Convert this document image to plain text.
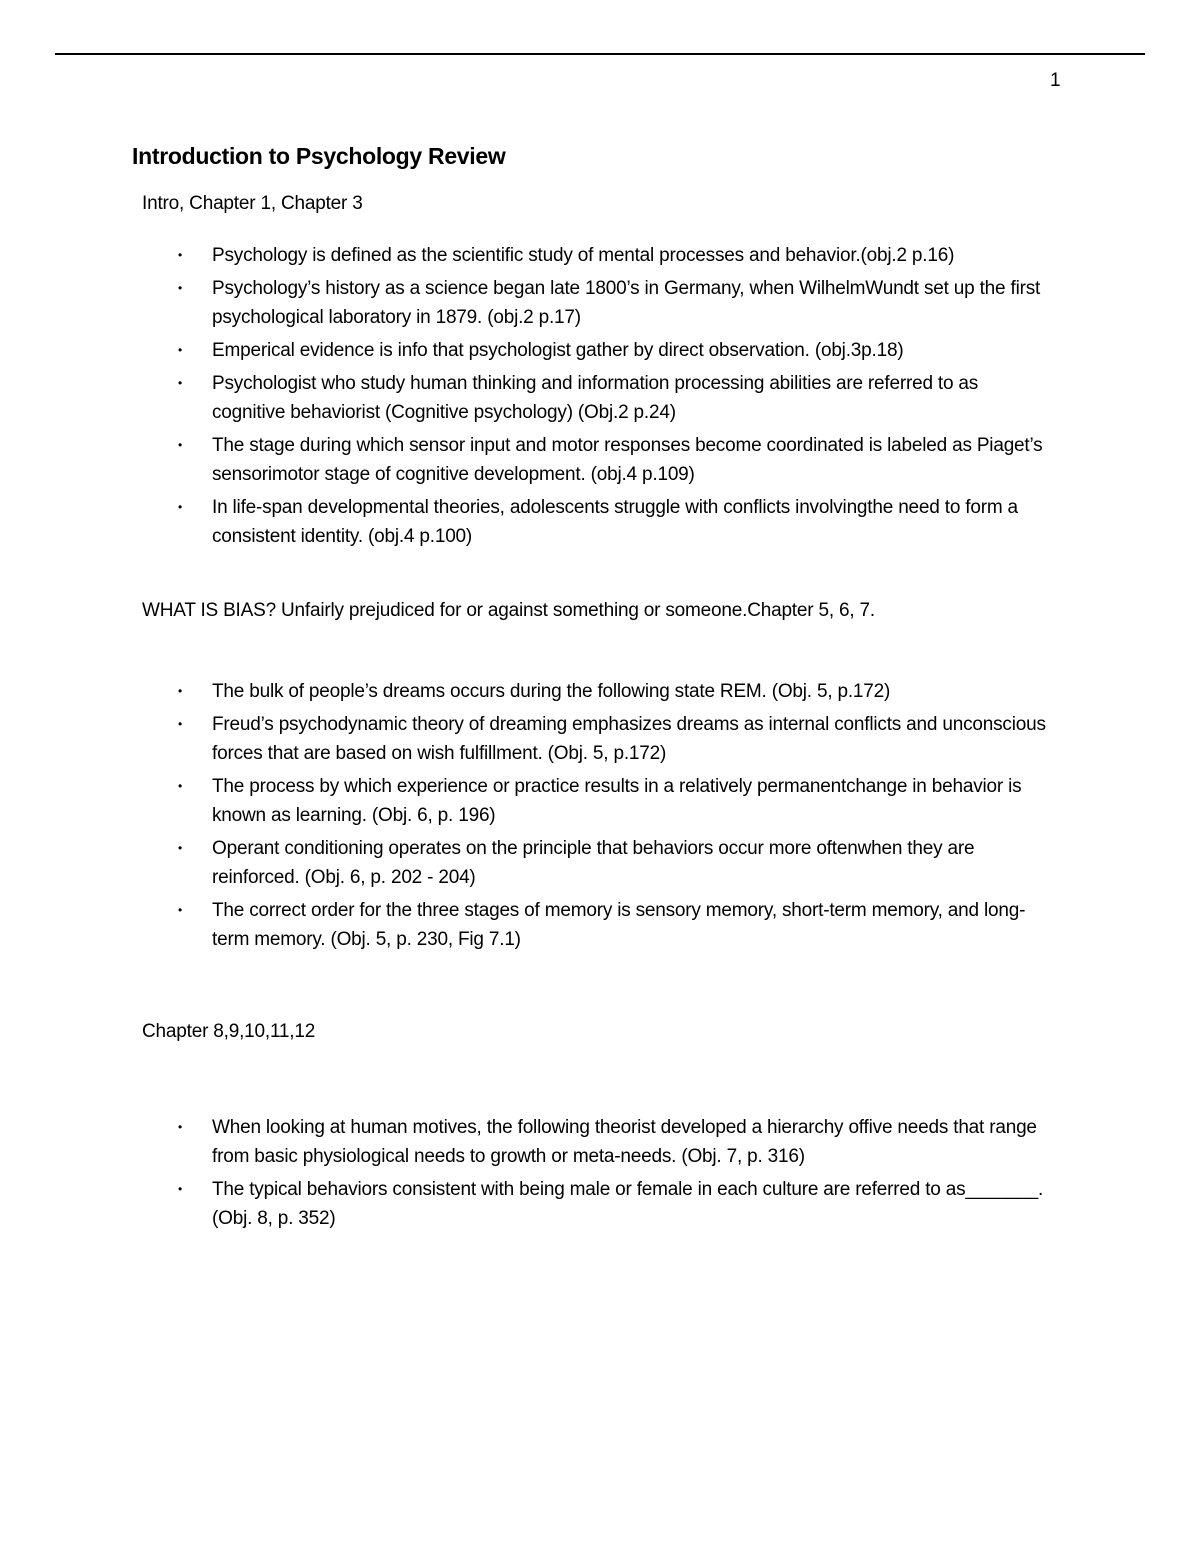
1
Introduction to Psychology Review
Intro, Chapter 1, Chapter 3
• Psychology is defined as the scientific study of mental processes and behavior.(obj.2 p.16)
• Psychology’s history as a science began late 1800’s in Germany, when WilhelmWundt set up the first psychological laboratory in 1879. (obj.2 p.17)
• Emperical evidence is info that psychologist gather by direct observation. (obj.3p.18)
• Psychologist who study human thinking and information processing abilities are referred to as cognitive behaviorist (Cognitive psychology) (Obj.2 p.24)
• The stage during which sensor input and motor responses become coordinated is labeled as Piaget’s sensorimotor stage of cognitive development. (obj.4 p.109)
• In life-span developmental theories, adolescents struggle with conflicts involvingthe need to form a consistent identity. (obj.4 p.100)
WHAT IS BIAS? Unfairly prejudiced for or against something or someone.Chapter 5, 6, 7.
• The bulk of people’s dreams occurs during the following state REM. (Obj. 5, p.172)
• Freud’s psychodynamic theory of dreaming emphasizes dreams as internal conflicts and unconscious forces that are based on wish fulfillment. (Obj. 5, p.172)
• The process by which experience or practice results in a relatively permanentchange in behavior is known as learning. (Obj. 6, p. 196)
• Operant conditioning operates on the principle that behaviors occur more oftenwhen they are reinforced. (Obj. 6, p. 202 - 204)
• The correct order for the three stages of memory is sensory memory, short-term memory, and long-term memory. (Obj. 5, p. 230, Fig 7.1)
Chapter 8,9,10,11,12
• When looking at human motives, the following theorist developed a hierarchy offive needs that range from basic physiological needs to growth or meta-needs. (Obj. 7, p. 316)
• The typical behaviors consistent with being male or female in each culture are referred to as_______. (Obj. 8, p. 352)
